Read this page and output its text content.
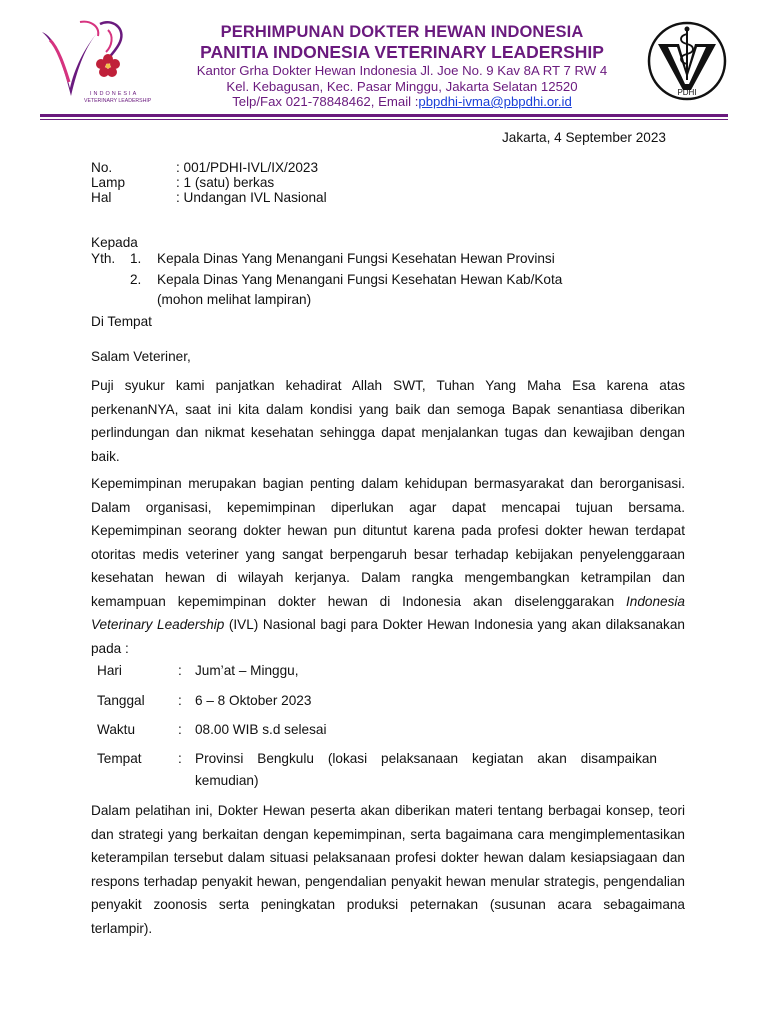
INDONESIA
VETERINARY LEADERSHIP
PERHIMPUNAN DOKTER HEWAN INDONESIA
PANITIA INDONESIA VETERINARY LEADERSHIP
Kantor Grha Dokter Hewan Indonesia Jl. Joe No. 9 Kav 8A RT 7 RW 4
Kel. Kebagusan, Kec. Pasar Minggu, Jakarta Selatan 12520
Telp/Fax 021-78848462, Email :pbpdhi-ivma@pbpdhi.or.id
PDHI
Jakarta, 4 September 2023
No.	: 001/PDHI-IVL/IX/2023
Lamp	: 1 (satu) berkas
Hal	: Undangan IVL Nasional
Kepada
Yth. 1. Kepala Dinas Yang Menangani Fungsi Kesehatan Hewan Provinsi
2. Kepala Dinas Yang Menangani Fungsi Kesehatan Hewan Kab/Kota
(mohon melihat lampiran)
Di Tempat
Salam Veteriner,
Puji syukur kami panjatkan kehadirat Allah SWT, Tuhan Yang Maha Esa karena atas perkenanNYA, saat ini kita dalam kondisi yang baik dan semoga Bapak senantiasa diberikan perlindungan dan nikmat kesehatan sehingga dapat menjalankan tugas dan kewajiban dengan baik.
Kepemimpinan merupakan bagian penting dalam kehidupan bermasyarakat dan berorganisasi. Dalam organisasi, kepemimpinan diperlukan agar dapat mencapai tujuan bersama. Kepemimpinan seorang dokter hewan pun dituntut karena pada profesi dokter hewan terdapat otoritas medis veteriner yang sangat berpengaruh besar terhadap kebijakan penyelenggaraan kesehatan hewan di wilayah kerjanya. Dalam rangka mengembangkan ketrampilan dan kemampuan kepemimpinan dokter hewan di Indonesia akan diselenggarakan Indonesia Veterinary Leadership (IVL) Nasional bagi para Dokter Hewan Indonesia yang akan dilaksanakan pada :
Hari	: Jum’at – Minggu,
Tanggal : 6 – 8 Oktober 2023
Waktu	: 08.00 WIB s.d selesai
Tempat	: Provinsi Bengkulu (lokasi pelaksanaan kegiatan akan disampaikan kemudian)
Dalam pelatihan ini, Dokter Hewan peserta akan diberikan materi tentang berbagai konsep, teori dan strategi yang berkaitan dengan kepemimpinan, serta bagaimana cara mengimplementasikan keterampilan tersebut dalam situasi pelaksanaan profesi dokter hewan dalam kesiapsiagaan dan respons terhadap penyakit hewan, pengendalian penyakit hewan menular strategis, pengendalian penyakit zoonosis serta peningkatan produksi peternakan (susunan acara sebagaimana terlampir).
